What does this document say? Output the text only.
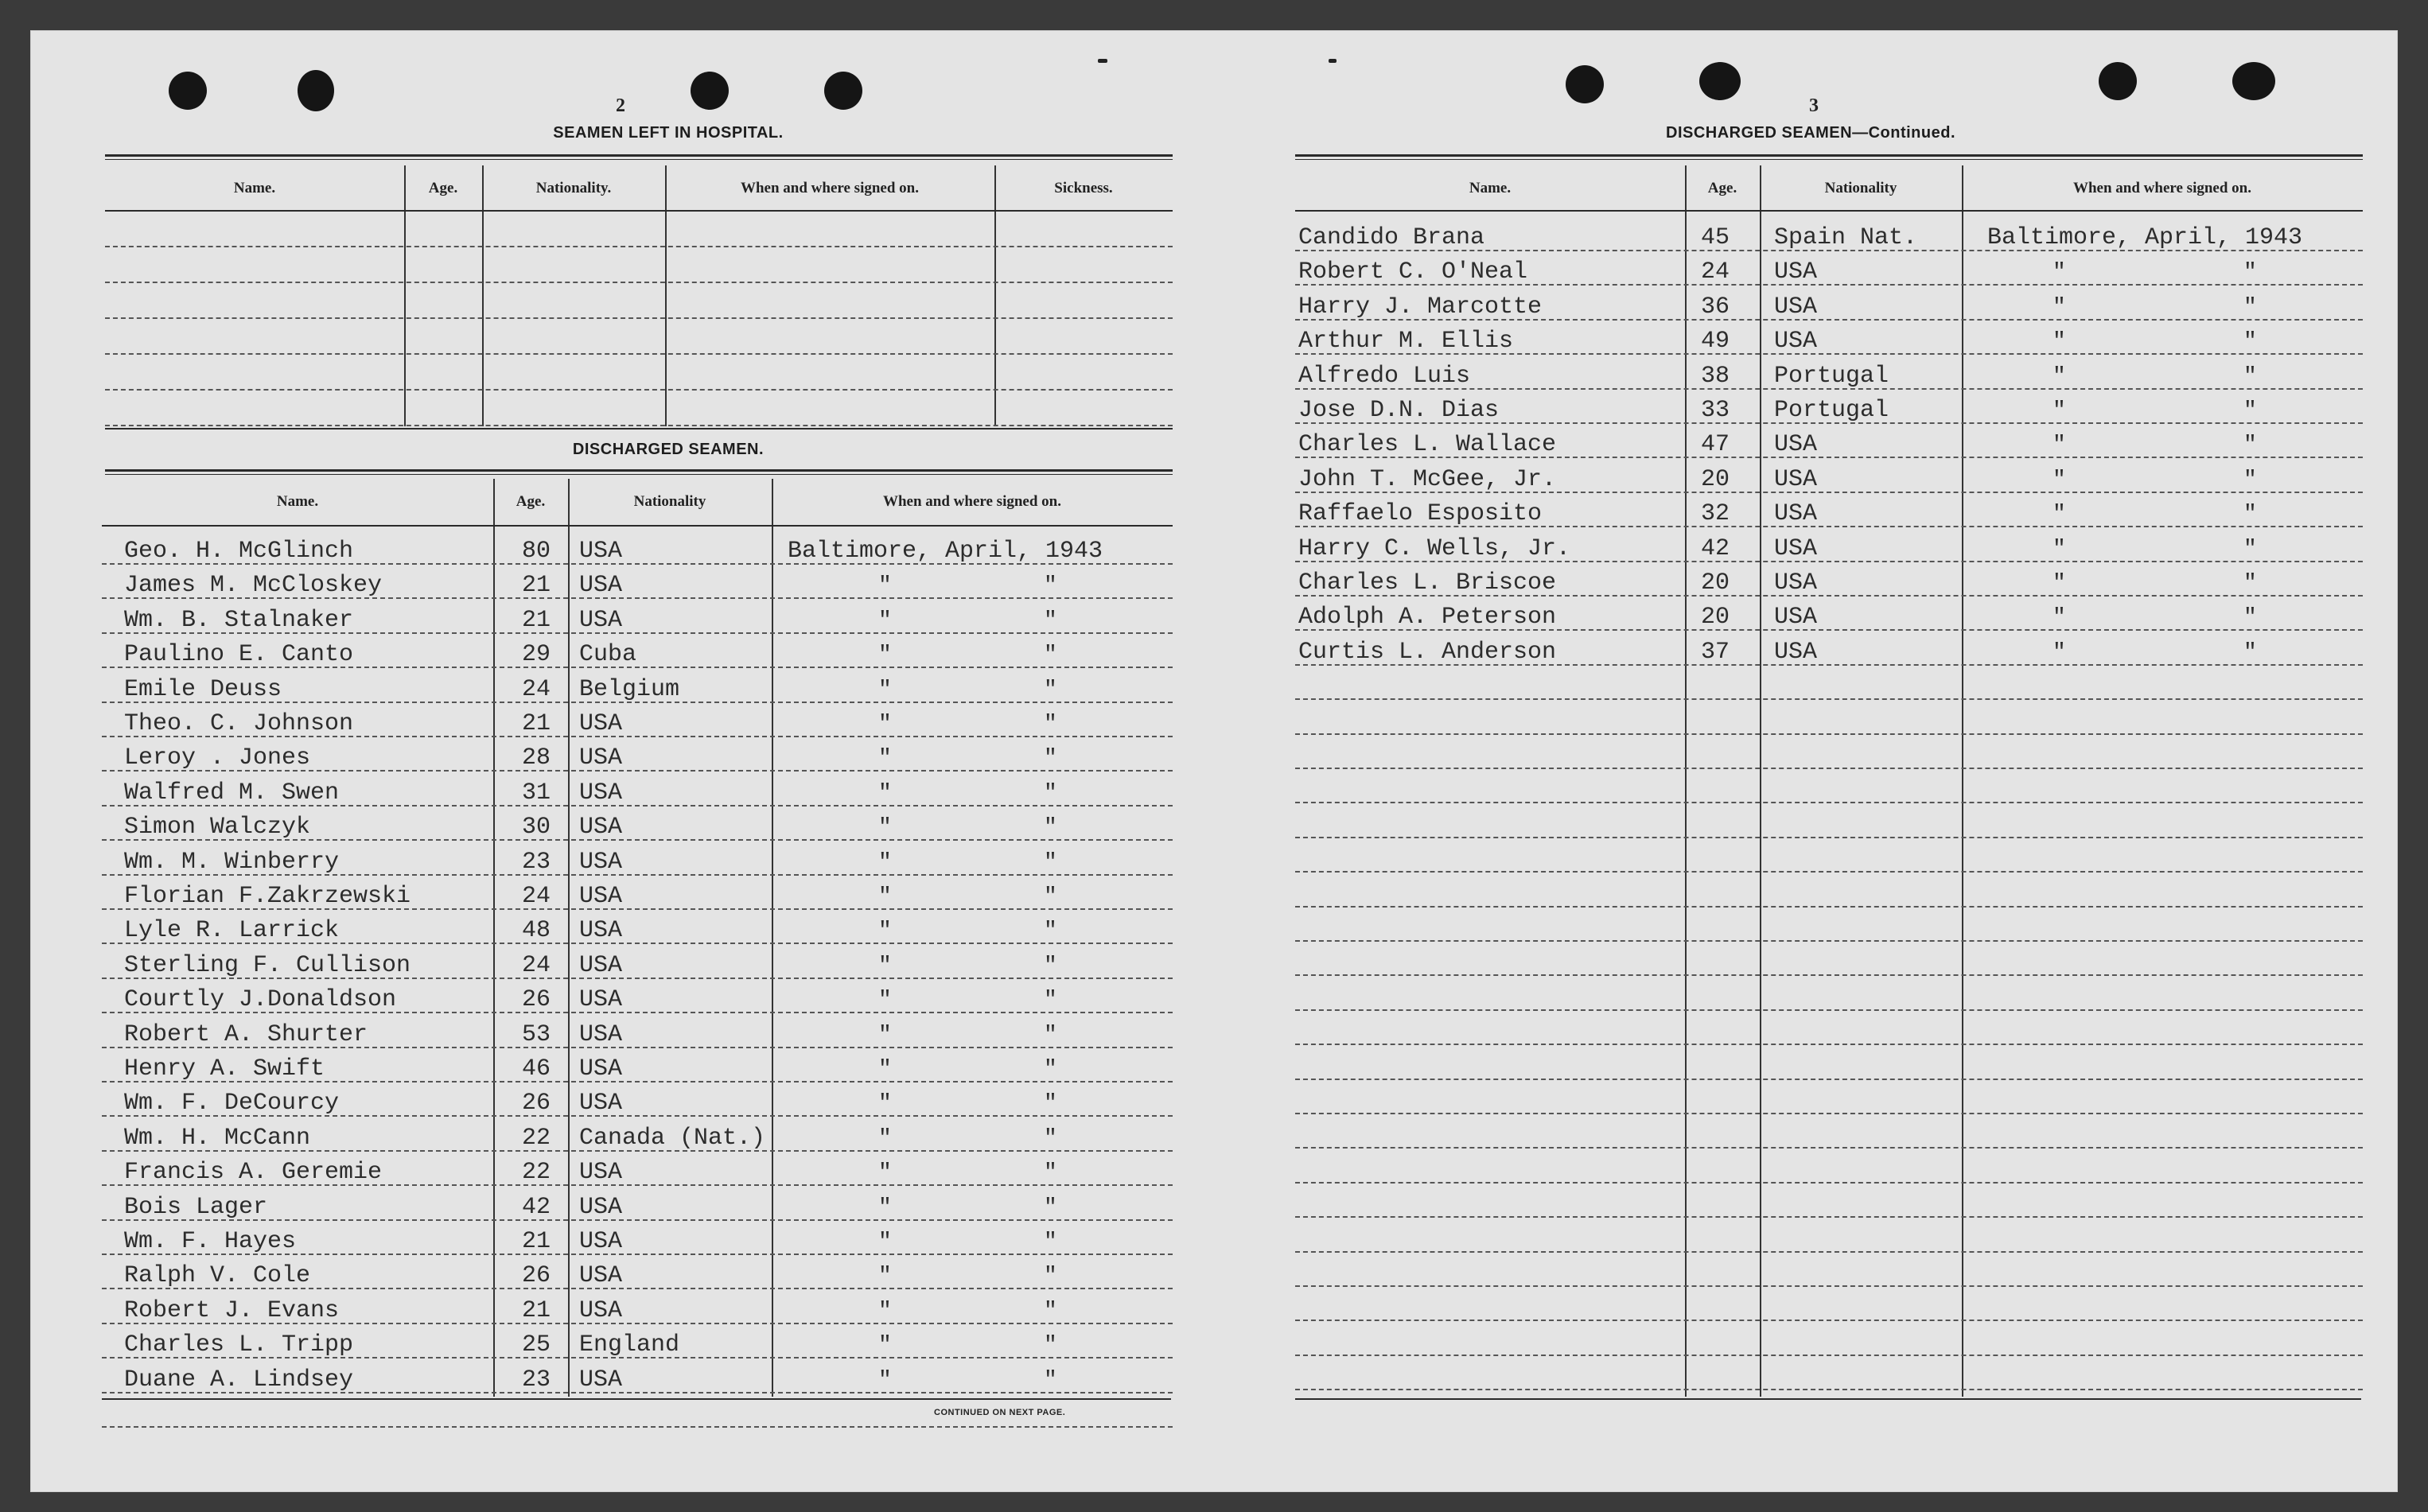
2
SEAMEN LEFT IN HOSPITAL.
Name.	Age.	Nationality.	When and where signed on.	Sickness.
DISCHARGED SEAMEN.
Name.	Age.	Nationality	When and where signed on.
Geo. H. McGlinch	80 USA	Baltimore, April, 1943
James M. McCloskey	21 USA	"	"
Wm. B. Stalnaker	21 USA	"	"
Paulino E. Canto	29 Cuba	"	"
Emile Deuss	24 Belgium	"	"
Theo. C. Johnson	21 USA	"	"
Leroy . Jones	28 USA	"	"
Walfred M. Swen	31 USA	"	"
Simon Walczyk	30 USA	"	"
Wm. M. Winberry	23 USA	"	"
Florian F.Zakrzewski	24 USA	"	"
Lyle R. Larrick	48 USA	"	"
Sterling F. Cullison	24 USA	"	"
Courtly J.Donaldson	26 USA	"	"
Robert A. Shurter	53 USA	"	"
Henry A. Swift	46 USA	"	"
Wm. F. DeCourcy	26 USA	"	"
Wm. H. McCann	22 Canada (Nat.)	"	"
Francis A. Geremie	22 USA	"	"
Bois Lager	42 USA	"	"
Wm. F. Hayes	21 USA	"	"
Ralph V. Cole	26 USA	"	"
Robert J. Evans	21 USA	"	"
Charles L. Tripp	25 England	"	"
Duane A. Lindsey	23 USA	"	"
CONTINUED ON NEXT PAGE.
3
DISCHARGED SEAMEN—Continued.
Name.	Age.	Nationality	When and where signed on.
Candido Brana	45 Spain Nat.	Baltimore, April, 1943
Robert C. O'Neal	24 USA	"	"
Harry J. Marcotte	36 USA	"	"
Arthur M. Ellis	49 USA	"	"
Alfredo Luis	38 Portugal	"	"
Jose D.N. Dias	33 Portugal	"	"
Charles L. Wallace	47 USA	"	"
John T. McGee, Jr.	20 USA	"	"
Raffaelo Esposito	32 USA	"	"
Harry C. Wells, Jr.	42 USA	"	"
Charles L. Briscoe	20 USA	"	"
Adolph A. Peterson	20 USA	"	"
Curtis L. Anderson	37 USA	"	"
